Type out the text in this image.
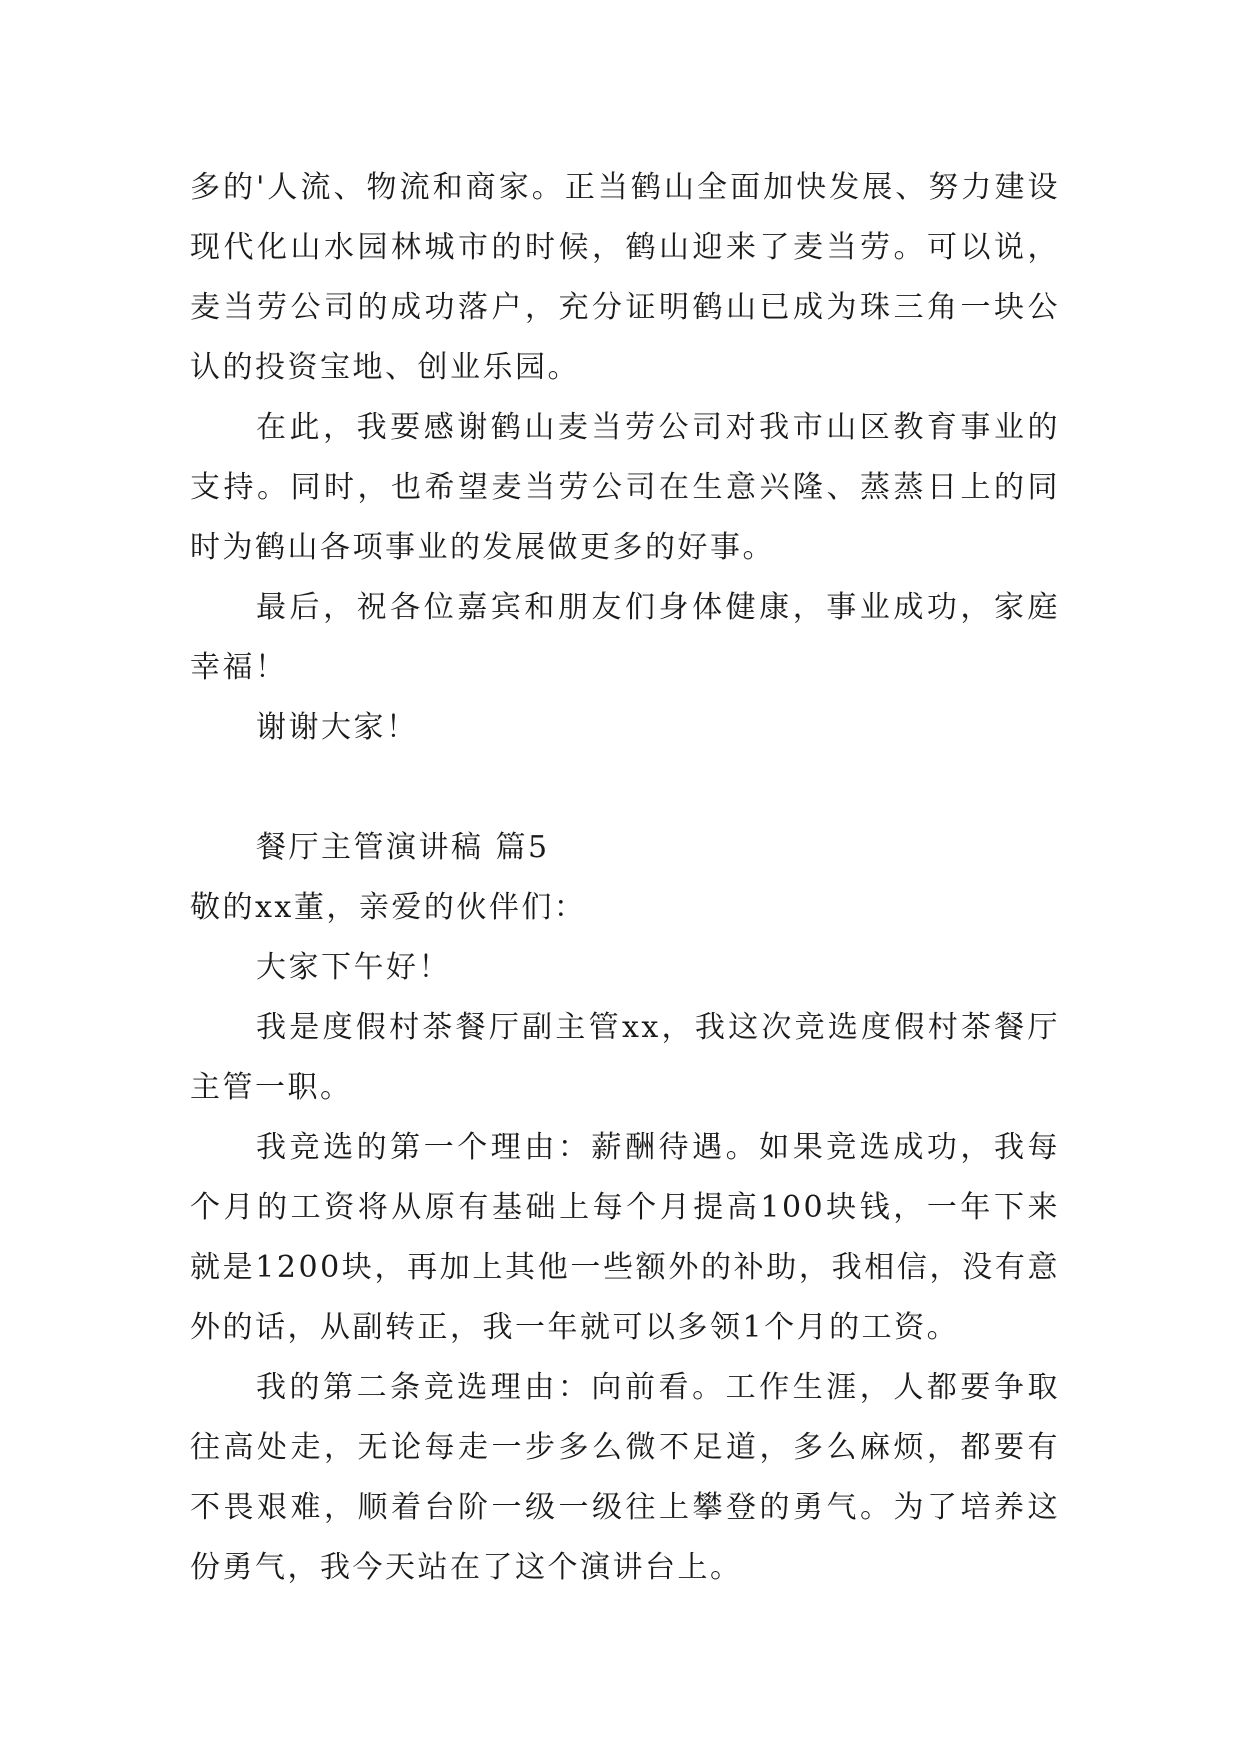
多的'人流、物流和商家。正当鹤山全面加快发展、努力建设现代化山水园林城市的时候，鹤山迎来了麦当劳。可以说，麦当劳公司的成功落户，充分证明鹤山已成为珠三角一块公认的投资宝地、创业乐园。

在此，我要感谢鹤山麦当劳公司对我市山区教育事业的支持。同时，也希望麦当劳公司在生意兴隆、蒸蒸日上的同时为鹤山各项事业的发展做更多的好事。

最后，祝各位嘉宾和朋友们身体健康，事业成功，家庭幸福！

谢谢大家！

餐厅主管演讲稿 篇5

敬的xx董，亲爱的伙伴们：

大家下午好！

我是度假村茶餐厅副主管xx，我这次竞选度假村茶餐厅主管一职。

我竞选的第一个理由：薪酬待遇。如果竞选成功，我每个月的工资将从原有基础上每个月提高100块钱，一年下来就是1200块，再加上其他一些额外的补助，我相信，没有意外的话，从副转正，我一年就可以多领1个月的工资。

我的第二条竞选理由：向前看。工作生涯，人都要争取往高处走，无论每走一步多么微不足道，多么麻烦，都要有不畏艰难，顺着台阶一级一级往上攀登的勇气。为了培养这份勇气，我今天站在了这个演讲台上。
